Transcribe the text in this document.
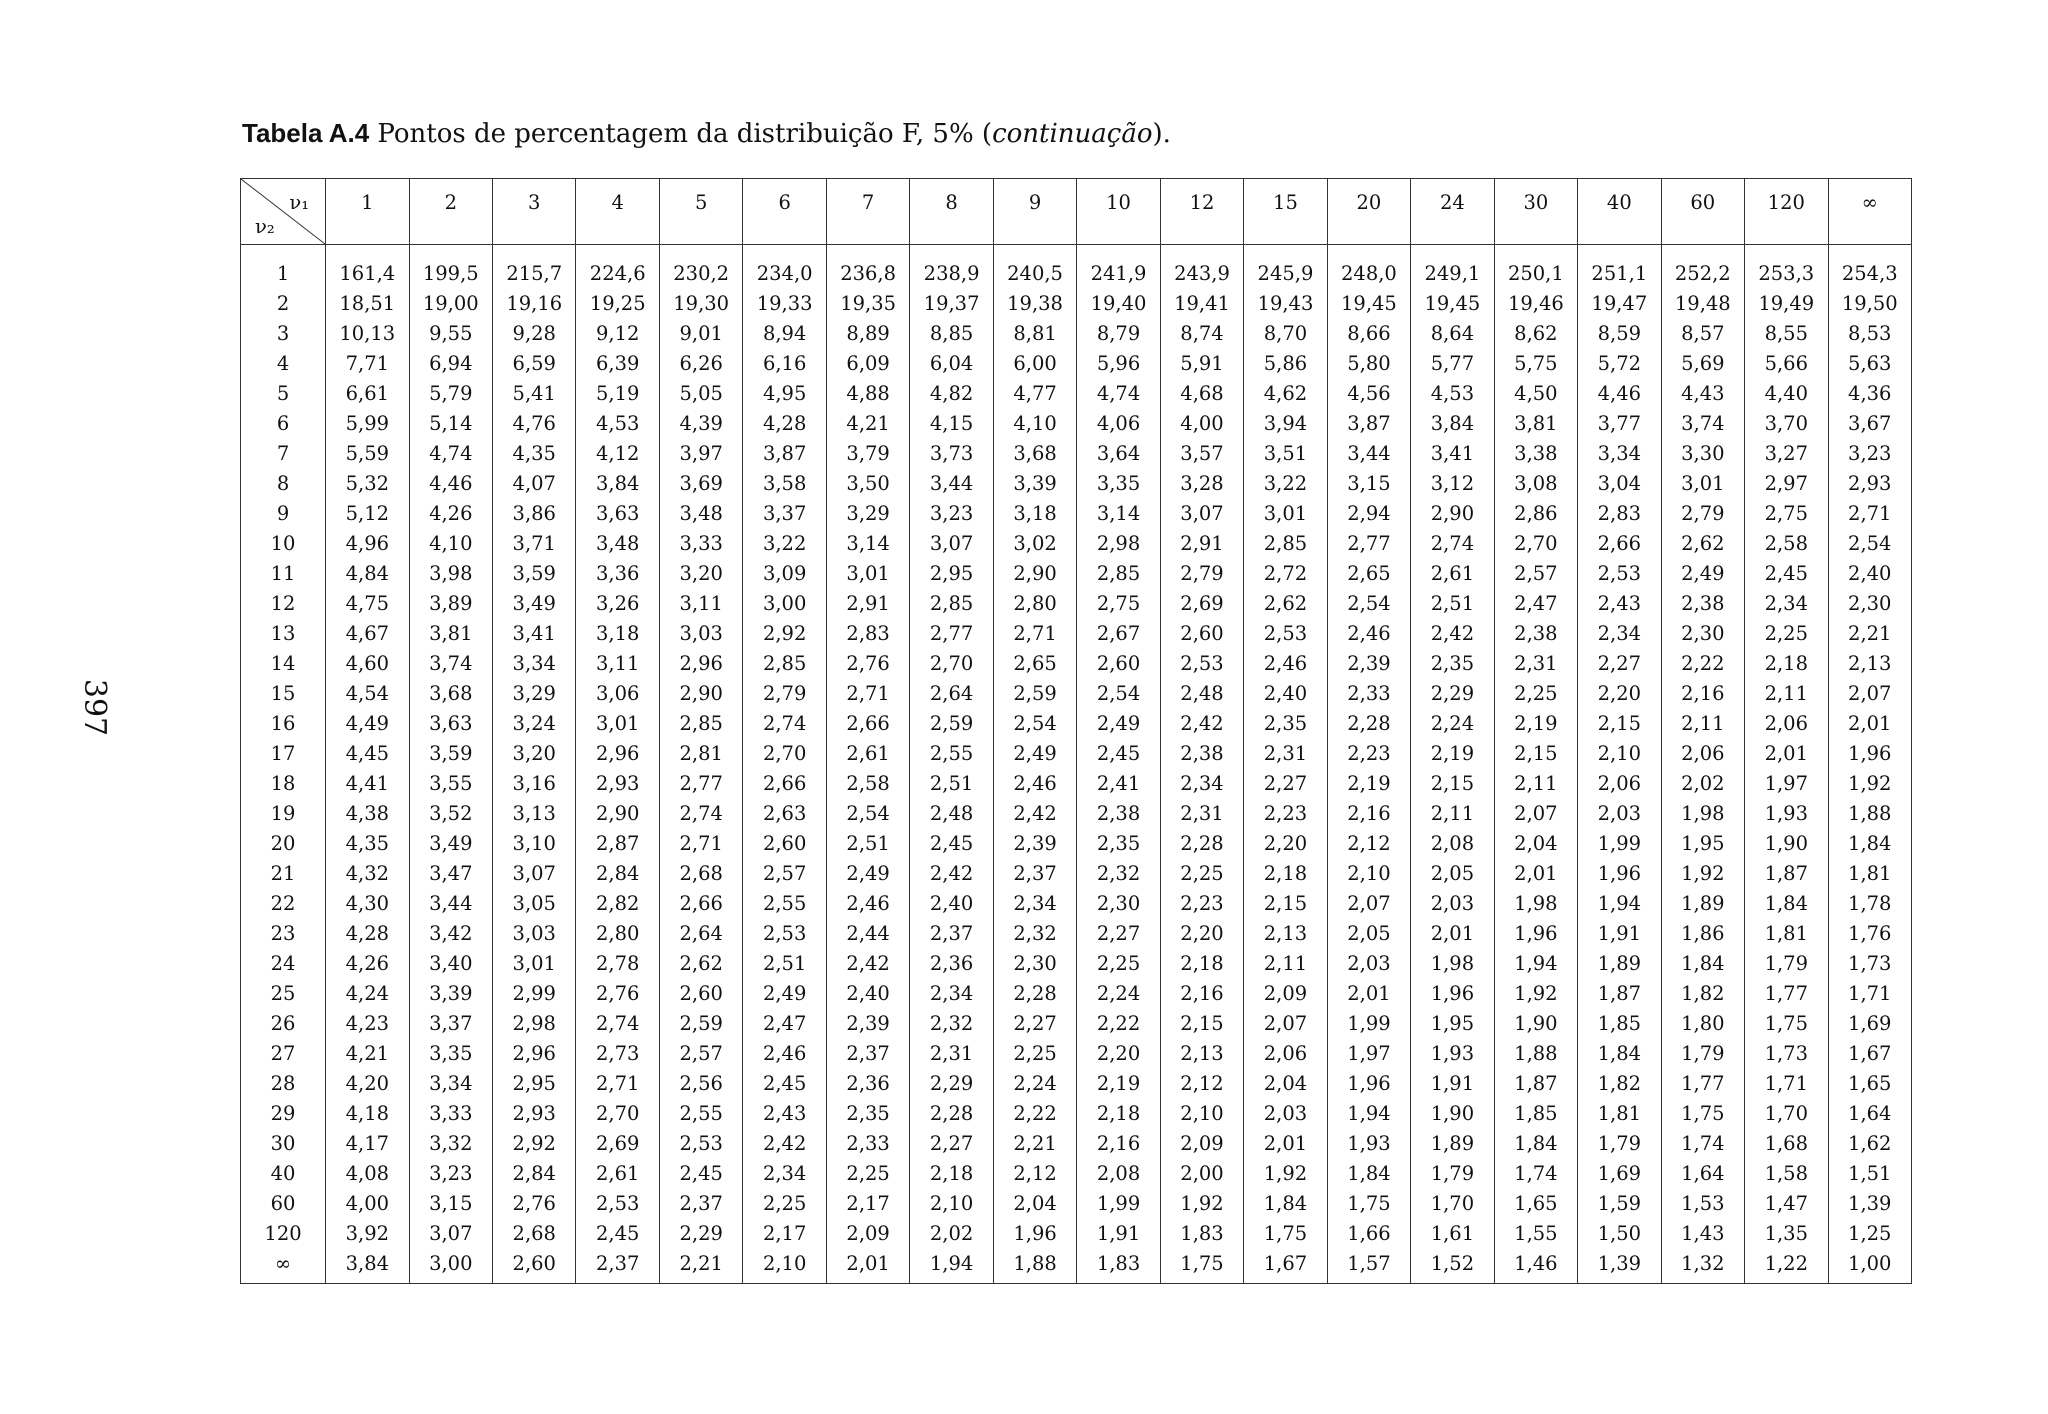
Tabela A.4 Pontos de percentagem da distribuição F, 5% (continuação).
397
ν₁
ν₂	1	2	3	4	5	6	7	8	9	10	12	15	20	24	30	40	60	120	∞
1	161,4	199,5	215,7	224,6	230,2	234,0	236,8	238,9	240,5	241,9	243,9	245,9	248,0	249,1	250,1	251,1	252,2	253,3	254,3
2	18,51	19,00	19,16	19,25	19,30	19,33	19,35	19,37	19,38	19,40	19,41	19,43	19,45	19,45	19,46	19,47	19,48	19,49	19,50
3	10,13	9,55	9,28	9,12	9,01	8,94	8,89	8,85	8,81	8,79	8,74	8,70	8,66	8,64	8,62	8,59	8,57	8,55	8,53
4	7,71	6,94	6,59	6,39	6,26	6,16	6,09	6,04	6,00	5,96	5,91	5,86	5,80	5,77	5,75	5,72	5,69	5,66	5,63
5	6,61	5,79	5,41	5,19	5,05	4,95	4,88	4,82	4,77	4,74	4,68	4,62	4,56	4,53	4,50	4,46	4,43	4,40	4,36
6	5,99	5,14	4,76	4,53	4,39	4,28	4,21	4,15	4,10	4,06	4,00	3,94	3,87	3,84	3,81	3,77	3,74	3,70	3,67
7	5,59	4,74	4,35	4,12	3,97	3,87	3,79	3,73	3,68	3,64	3,57	3,51	3,44	3,41	3,38	3,34	3,30	3,27	3,23
8	5,32	4,46	4,07	3,84	3,69	3,58	3,50	3,44	3,39	3,35	3,28	3,22	3,15	3,12	3,08	3,04	3,01	2,97	2,93
9	5,12	4,26	3,86	3,63	3,48	3,37	3,29	3,23	3,18	3,14	3,07	3,01	2,94	2,90	2,86	2,83	2,79	2,75	2,71
10	4,96	4,10	3,71	3,48	3,33	3,22	3,14	3,07	3,02	2,98	2,91	2,85	2,77	2,74	2,70	2,66	2,62	2,58	2,54
11	4,84	3,98	3,59	3,36	3,20	3,09	3,01	2,95	2,90	2,85	2,79	2,72	2,65	2,61	2,57	2,53	2,49	2,45	2,40
12	4,75	3,89	3,49	3,26	3,11	3,00	2,91	2,85	2,80	2,75	2,69	2,62	2,54	2,51	2,47	2,43	2,38	2,34	2,30
13	4,67	3,81	3,41	3,18	3,03	2,92	2,83	2,77	2,71	2,67	2,60	2,53	2,46	2,42	2,38	2,34	2,30	2,25	2,21
14	4,60	3,74	3,34	3,11	2,96	2,85	2,76	2,70	2,65	2,60	2,53	2,46	2,39	2,35	2,31	2,27	2,22	2,18	2,13
15	4,54	3,68	3,29	3,06	2,90	2,79	2,71	2,64	2,59	2,54	2,48	2,40	2,33	2,29	2,25	2,20	2,16	2,11	2,07
16	4,49	3,63	3,24	3,01	2,85	2,74	2,66	2,59	2,54	2,49	2,42	2,35	2,28	2,24	2,19	2,15	2,11	2,06	2,01
17	4,45	3,59	3,20	2,96	2,81	2,70	2,61	2,55	2,49	2,45	2,38	2,31	2,23	2,19	2,15	2,10	2,06	2,01	1,96
18	4,41	3,55	3,16	2,93	2,77	2,66	2,58	2,51	2,46	2,41	2,34	2,27	2,19	2,15	2,11	2,06	2,02	1,97	1,92
19	4,38	3,52	3,13	2,90	2,74	2,63	2,54	2,48	2,42	2,38	2,31	2,23	2,16	2,11	2,07	2,03	1,98	1,93	1,88
20	4,35	3,49	3,10	2,87	2,71	2,60	2,51	2,45	2,39	2,35	2,28	2,20	2,12	2,08	2,04	1,99	1,95	1,90	1,84
21	4,32	3,47	3,07	2,84	2,68	2,57	2,49	2,42	2,37	2,32	2,25	2,18	2,10	2,05	2,01	1,96	1,92	1,87	1,81
22	4,30	3,44	3,05	2,82	2,66	2,55	2,46	2,40	2,34	2,30	2,23	2,15	2,07	2,03	1,98	1,94	1,89	1,84	1,78
23	4,28	3,42	3,03	2,80	2,64	2,53	2,44	2,37	2,32	2,27	2,20	2,13	2,05	2,01	1,96	1,91	1,86	1,81	1,76
24	4,26	3,40	3,01	2,78	2,62	2,51	2,42	2,36	2,30	2,25	2,18	2,11	2,03	1,98	1,94	1,89	1,84	1,79	1,73
25	4,24	3,39	2,99	2,76	2,60	2,49	2,40	2,34	2,28	2,24	2,16	2,09	2,01	1,96	1,92	1,87	1,82	1,77	1,71
26	4,23	3,37	2,98	2,74	2,59	2,47	2,39	2,32	2,27	2,22	2,15	2,07	1,99	1,95	1,90	1,85	1,80	1,75	1,69
27	4,21	3,35	2,96	2,73	2,57	2,46	2,37	2,31	2,25	2,20	2,13	2,06	1,97	1,93	1,88	1,84	1,79	1,73	1,67
28	4,20	3,34	2,95	2,71	2,56	2,45	2,36	2,29	2,24	2,19	2,12	2,04	1,96	1,91	1,87	1,82	1,77	1,71	1,65
29	4,18	3,33	2,93	2,70	2,55	2,43	2,35	2,28	2,22	2,18	2,10	2,03	1,94	1,90	1,85	1,81	1,75	1,70	1,64
30	4,17	3,32	2,92	2,69	2,53	2,42	2,33	2,27	2,21	2,16	2,09	2,01	1,93	1,89	1,84	1,79	1,74	1,68	1,62
40	4,08	3,23	2,84	2,61	2,45	2,34	2,25	2,18	2,12	2,08	2,00	1,92	1,84	1,79	1,74	1,69	1,64	1,58	1,51
60	4,00	3,15	2,76	2,53	2,37	2,25	2,17	2,10	2,04	1,99	1,92	1,84	1,75	1,70	1,65	1,59	1,53	1,47	1,39
120	3,92	3,07	2,68	2,45	2,29	2,17	2,09	2,02	1,96	1,91	1,83	1,75	1,66	1,61	1,55	1,50	1,43	1,35	1,25
∞	3,84	3,00	2,60	2,37	2,21	2,10	2,01	1,94	1,88	1,83	1,75	1,67	1,57	1,52	1,46	1,39	1,32	1,22	1,00
